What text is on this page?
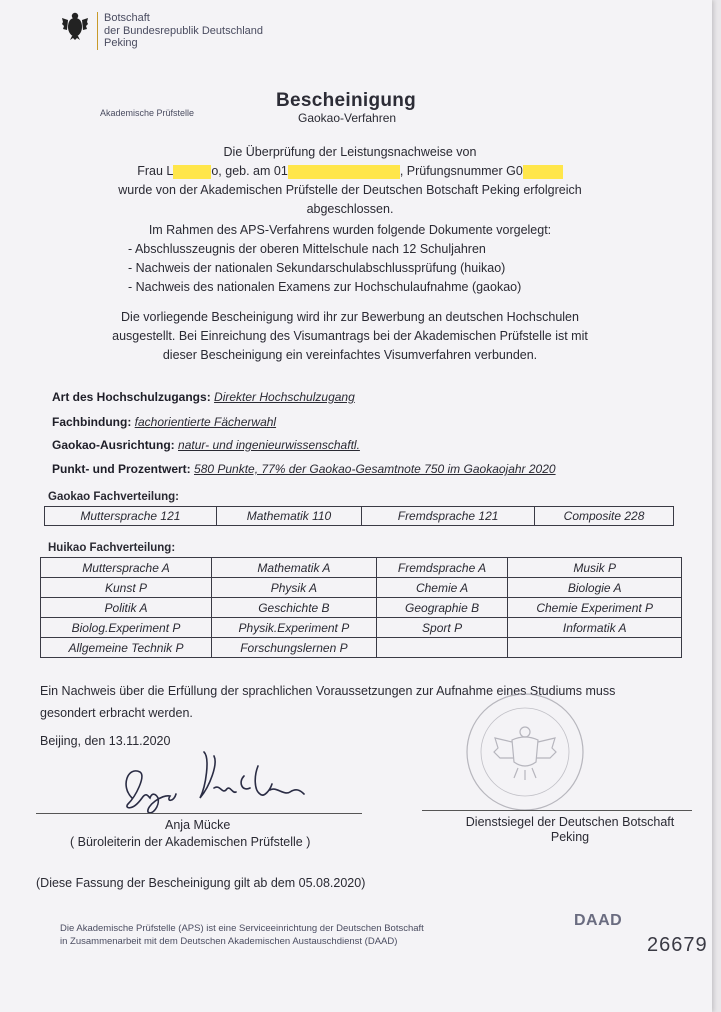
Botschaft
der Bundesrepublik Deutschland
Peking
Akademische Prüfstelle
Bescheinigung
Gaokao-Verfahren
Die Überprüfung der Leistungsnachweise von
Frau L	o, geb. am 01	, Prüfungsnummer G0
wurde von der Akademischen Prüfstelle der Deutschen Botschaft Peking erfolgreich
abgeschlossen.
Im Rahmen des APS-Verfahrens wurden folgende Dokumente vorgelegt:
- Abschlusszeugnis der oberen Mittelschule nach 12 Schuljahren
- Nachweis der nationalen Sekundarschulabschlussprüfung (huikao)
- Nachweis des nationalen Examens zur Hochschulaufnahme (gaokao)
Die vorliegende Bescheinigung wird ihr zur Bewerbung an deutschen Hochschulen
ausgestellt. Bei Einreichung des Visumantrags bei der Akademischen Prüfstelle ist mit
dieser Bescheinigung ein vereinfachtes Visumverfahren verbunden.
Art des Hochschulzugangs: Direkter Hochschulzugang
Fachbindung: fachorientierte Fächerwahl
Gaokao-Ausrichtung: natur- und ingenieurwissenschaftl.
Punkt- und Prozentwert: 580 Punkte, 77% der Gaokao-Gesamtnote 750 im Gaokaojahr 2020
Gaokao Fachverteilung:
Muttersprache 121	Mathematik 110	Fremdsprache 121	Composite 228
Huikao Fachverteilung:
Muttersprache A	Mathematik A	Fremdsprache A	Musik P
Kunst P	Physik A	Chemie A	Biologie A
Politik A	Geschichte B	Geographie B	Chemie Experiment P
Biolog.Experiment P	Physik.Experiment P	Sport P	Informatik A
Allgemeine Technik P	Forschungslernen P		
Ein Nachweis über die Erfüllung der sprachlichen Voraussetzungen zur Aufnahme eines Studiums muss
gesondert erbracht werden.
Beijing, den 13.11.2020
Anja Mücke
( Büroleiterin der Akademischen Prüfstelle )
Dienstsiegel der Deutschen Botschaft
Peking
(Diese Fassung der Bescheinigung gilt ab dem 05.08.2020)
Die Akademische Prüfstelle (APS) ist eine Serviceeinrichtung der Deutschen Botschaft
in Zusammenarbeit mit dem Deutschen Akademischen Austauschdienst (DAAD)
DAAD
26679
